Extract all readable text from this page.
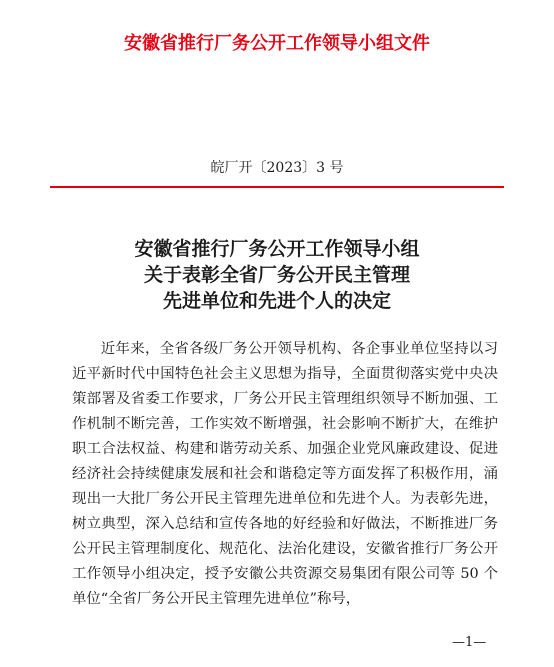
安徽省推行厂务公开工作领导小组文件
皖厂开〔2023〕3 号
安徽省推行厂务公开工作领导小组
关于表彰全省厂务公开民主管理
先进单位和先进个人的决定

近年来，全省各级厂务公开领导机构、各企事业单位坚持以习近平新时代中国特色社会主义思想为指导，全面贯彻落实党中央决策部署及省委工作要求，厂务公开民主管理组织领导不断加强、工作机制不断完善，工作实效不断增强，社会影响不断扩大，在维护职工合法权益、构建和谐劳动关系、加强企业党风廉政建设、促进经济社会持续健康发展和社会和谐稳定等方面发挥了积极作用，涌现出一大批厂务公开民主管理先进单位和先进个人。为表彰先进，树立典型，深入总结和宣传各地的好经验和好做法，不断推进厂务公开民主管理制度化、规范化、法治化建设，安徽省推行厂务公开工作领导小组决定，授予安徽公共资源交易集团有限公司等 50 个单位“全省厂务公开民主管理先进单位”称号，

—1—
